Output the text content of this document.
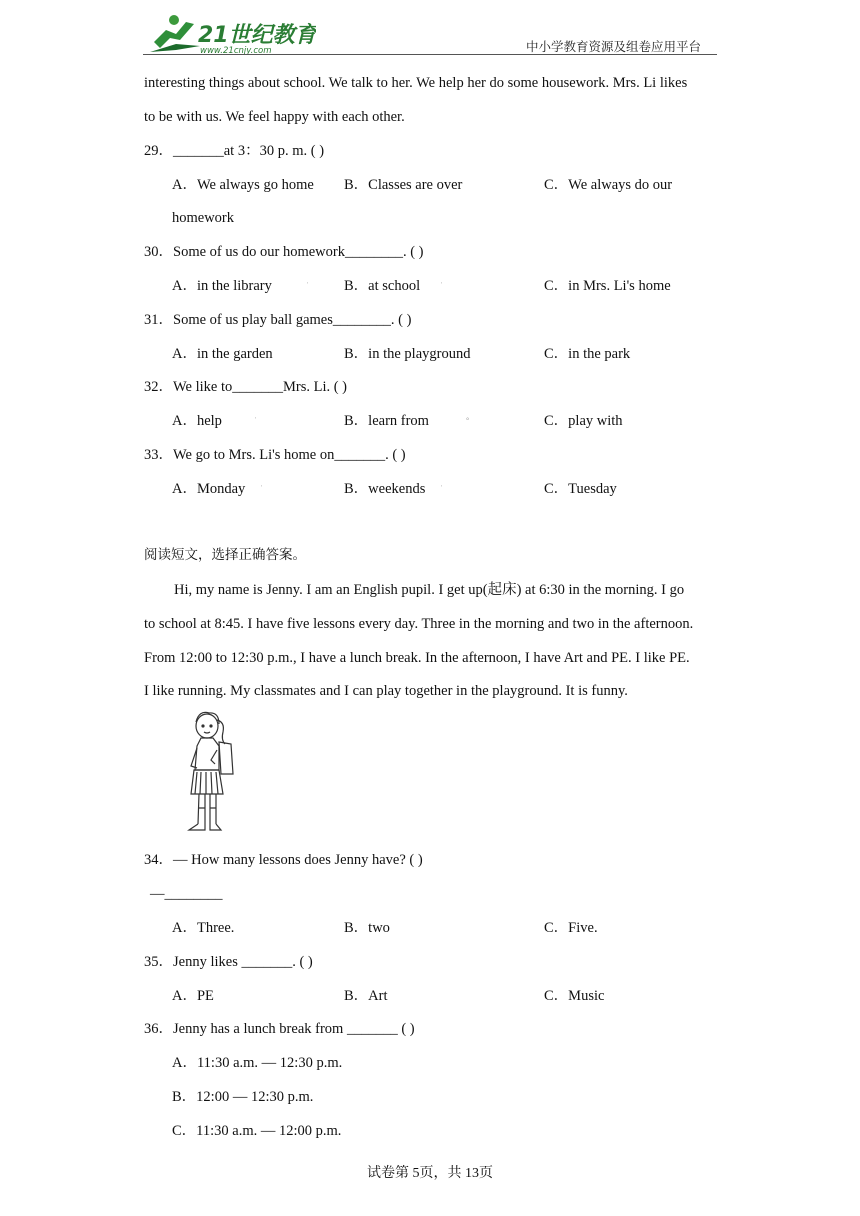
21世纪教育
www.21cnjy.com	中小学教育资源及组卷应用平台
interesting things about school. We talk to her. We help her do some housework. Mrs. Li likes
to be with us. We feel happy with each other.
29．_______at 3：30 p. m. ( )
A．We always go home B．Classes are over	C．We always do our
homework
30．Some of us do our homework________. ( )
A．in the library	ˈ B．at school ˈ	C．in Mrs. Li's home
31．Some of us play ball games________. ( )
A．in the garden	B．in the playground	C．in the park
32．We like to_______Mrs. Li. ( )
A．help	ˈ	B．learn from	°	C．play with
33．We go to Mrs. Li's home on_______. ( )
A．Monday ˈ	B．weekends ˈ	C．Tuesday
阅读短文，选择正确答案。
Hi, my name is Jenny. I am an English pupil. I get up(起床) at 6:30 in the morning. I go
to school at 8:45. I have five lessons every day. Three in the morning and two in the afternoon.
From 12:00 to 12:30 p.m., I have a lunch break. In the afternoon, I have Art and PE. I like PE.
I like running. My classmates and I can play together in the playground. It is funny.
34．— How many lessons does Jenny have? ( )
—________
A．Three.	B．two	C．Five.
35．Jenny likes _______. ( )
A．PE	B．Art	C．Music
36．Jenny has a lunch break from _______ ( )
A．11:30 a.m. — 12:30 p.m.
B．12:00 — 12:30 p.m.
C．11:30 a.m. — 12:00 p.m.
试卷第 5页，共 13页
